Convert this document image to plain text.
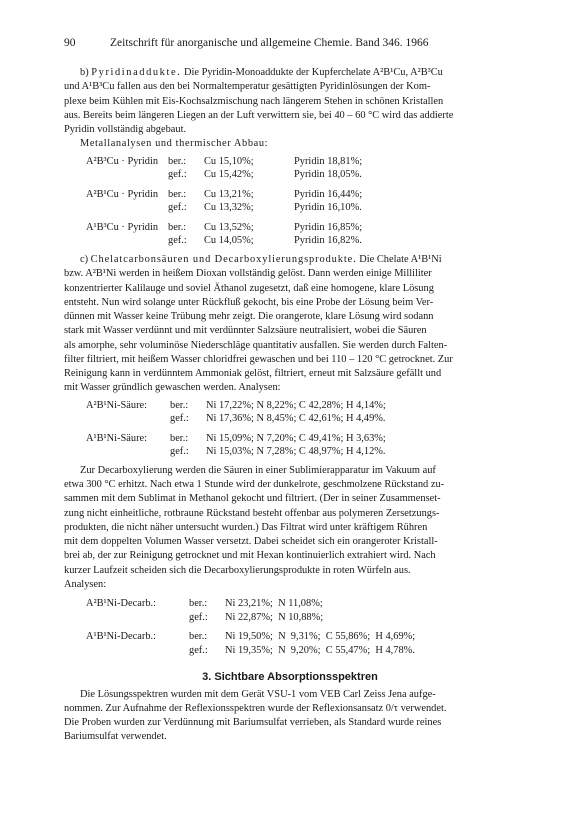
90	Zeitschrift für anorganische und allgemeine Chemie. Band 346. 1966

b) Pyridinaddukte. Die Pyridin-Monoaddukte der Kupferchelate A²B¹Cu, A²B³Cu

und A¹B³Cu fallen aus den bei Normaltemperatur gesättigten Pyridinlösungen der Kom-

plexe beim Kühlen mit Eis-Kochsalzmischung nach längerem Stehen in schönen Kristallen

aus. Bereits beim längeren Liegen an der Luft verwittern sie, bei 40 – 60 °C wird das addierte

Pyridin vollständig abgebaut.

Metallanalysen und thermischer Abbau:

A²B³Cu · Pyridin ber.:	Cu 15,10%;	Pyridin 18,81%;
gef.:	Cu 15,42%;	Pyridin 18,05%.
A²B¹Cu · Pyridin ber.:	Cu 13,21%;	Pyridin 16,44%;
gef.:	Cu 13,32%;	Pyridin 16,10%.
A¹B³Cu · Pyridin ber.:	Cu 13,52%;	Pyridin 16,85%;
gef.:	Cu 14,05%;	Pyridin 16,82%.

c) Chelatcarbonsäuren und Decarboxylierungsprodukte. Die Chelate A¹B¹Ni

bzw. A²B¹Ni werden in heißem Dioxan vollständig gelöst. Dann werden einige Milliliter

konzentrierter Kalilauge und soviel Äthanol zugesetzt, daß eine homogene, klare Lösung

entsteht. Nun wird solange unter Rückfluß gekocht, bis eine Probe der Lösung beim Ver-

dünnen mit Wasser keine Trübung mehr zeigt. Die orangerote, klare Lösung wird sodann

stark mit Wasser verdünnt und mit verdünnter Salzsäure neutralisiert, wobei die Säuren

als amorphe, sehr voluminöse Niederschläge quantitativ ausfallen. Sie werden durch Falten-

filter filtriert, mit heißem Wasser chloridfrei gewaschen und bei 110 – 120 °C getrocknet. Zur

Reinigung kann in verdünntem Ammoniak gelöst, filtriert, erneut mit Salzsäure gefällt und

mit Wasser gründlich gewaschen werden. Analysen:

A²B¹Ni-Säure:	ber.:	Ni 17,22%; N 8,22%; C 42,28%; H 4,14%;
gef.:	Ni 17,36%; N 8,45%; C 42,61%; H 4,49%.
A¹B¹Ni-Säure:	ber.:	Ni 15,09%; N 7,20%; C 49,41%; H 3,63%;
gef.:	Ni 15,03%; N 7,28%; C 48,97%; H 4,12%.

Zur Decarboxylierung werden die Säuren in einer Sublimierapparatur im Vakuum auf

etwa 300 °C erhitzt. Nach etwa 1 Stunde wird der dunkelrote, geschmolzene Rückstand zu-

sammen mit dem Sublimat in Methanol gekocht und filtriert. (Der in seiner Zusammenset-

zung nicht einheitliche, rotbraune Rückstand besteht offenbar aus polymeren Zersetzungs-

produkten, die nicht näher untersucht wurden.) Das Filtrat wird unter kräftigem Rühren

mit dem doppelten Volumen Wasser versetzt. Dabei scheidet sich ein orangeroter Kristall-

brei ab, der zur Reinigung getrocknet und mit Hexan kontinuierlich extrahiert wird. Nach

kurzer Laufzeit scheiden sich die Decarboxylierungsprodukte in roten Würfeln aus.

Analysen:

A²B¹Ni-Decarb.:	ber.:	Ni 23,21%;  N 11,08%;
gef.:	Ni 22,87%;  N 10,88%;
A¹B¹Ni-Decarb.:	ber.:	Ni 19,50%;  N  9,31%;  C 55,86%;  H 4,69%;
gef.:	Ni 19,35%;  N  9,20%;  C 55,47%;  H 4,78%.
3. Sichtbare Absorptionsspektren

Die Lösungsspektren wurden mit dem Gerät VSU-1 vom VEB Carl Zeiss Jena aufge-

nommen. Zur Aufnahme der Reflexionsspektren wurde der Reflexionsansatz 0/τ verwendet.

Die Proben wurden zur Verdünnung mit Bariumsulfat verrieben, als Standard wurde reines

Bariumsulfat verwendet.
